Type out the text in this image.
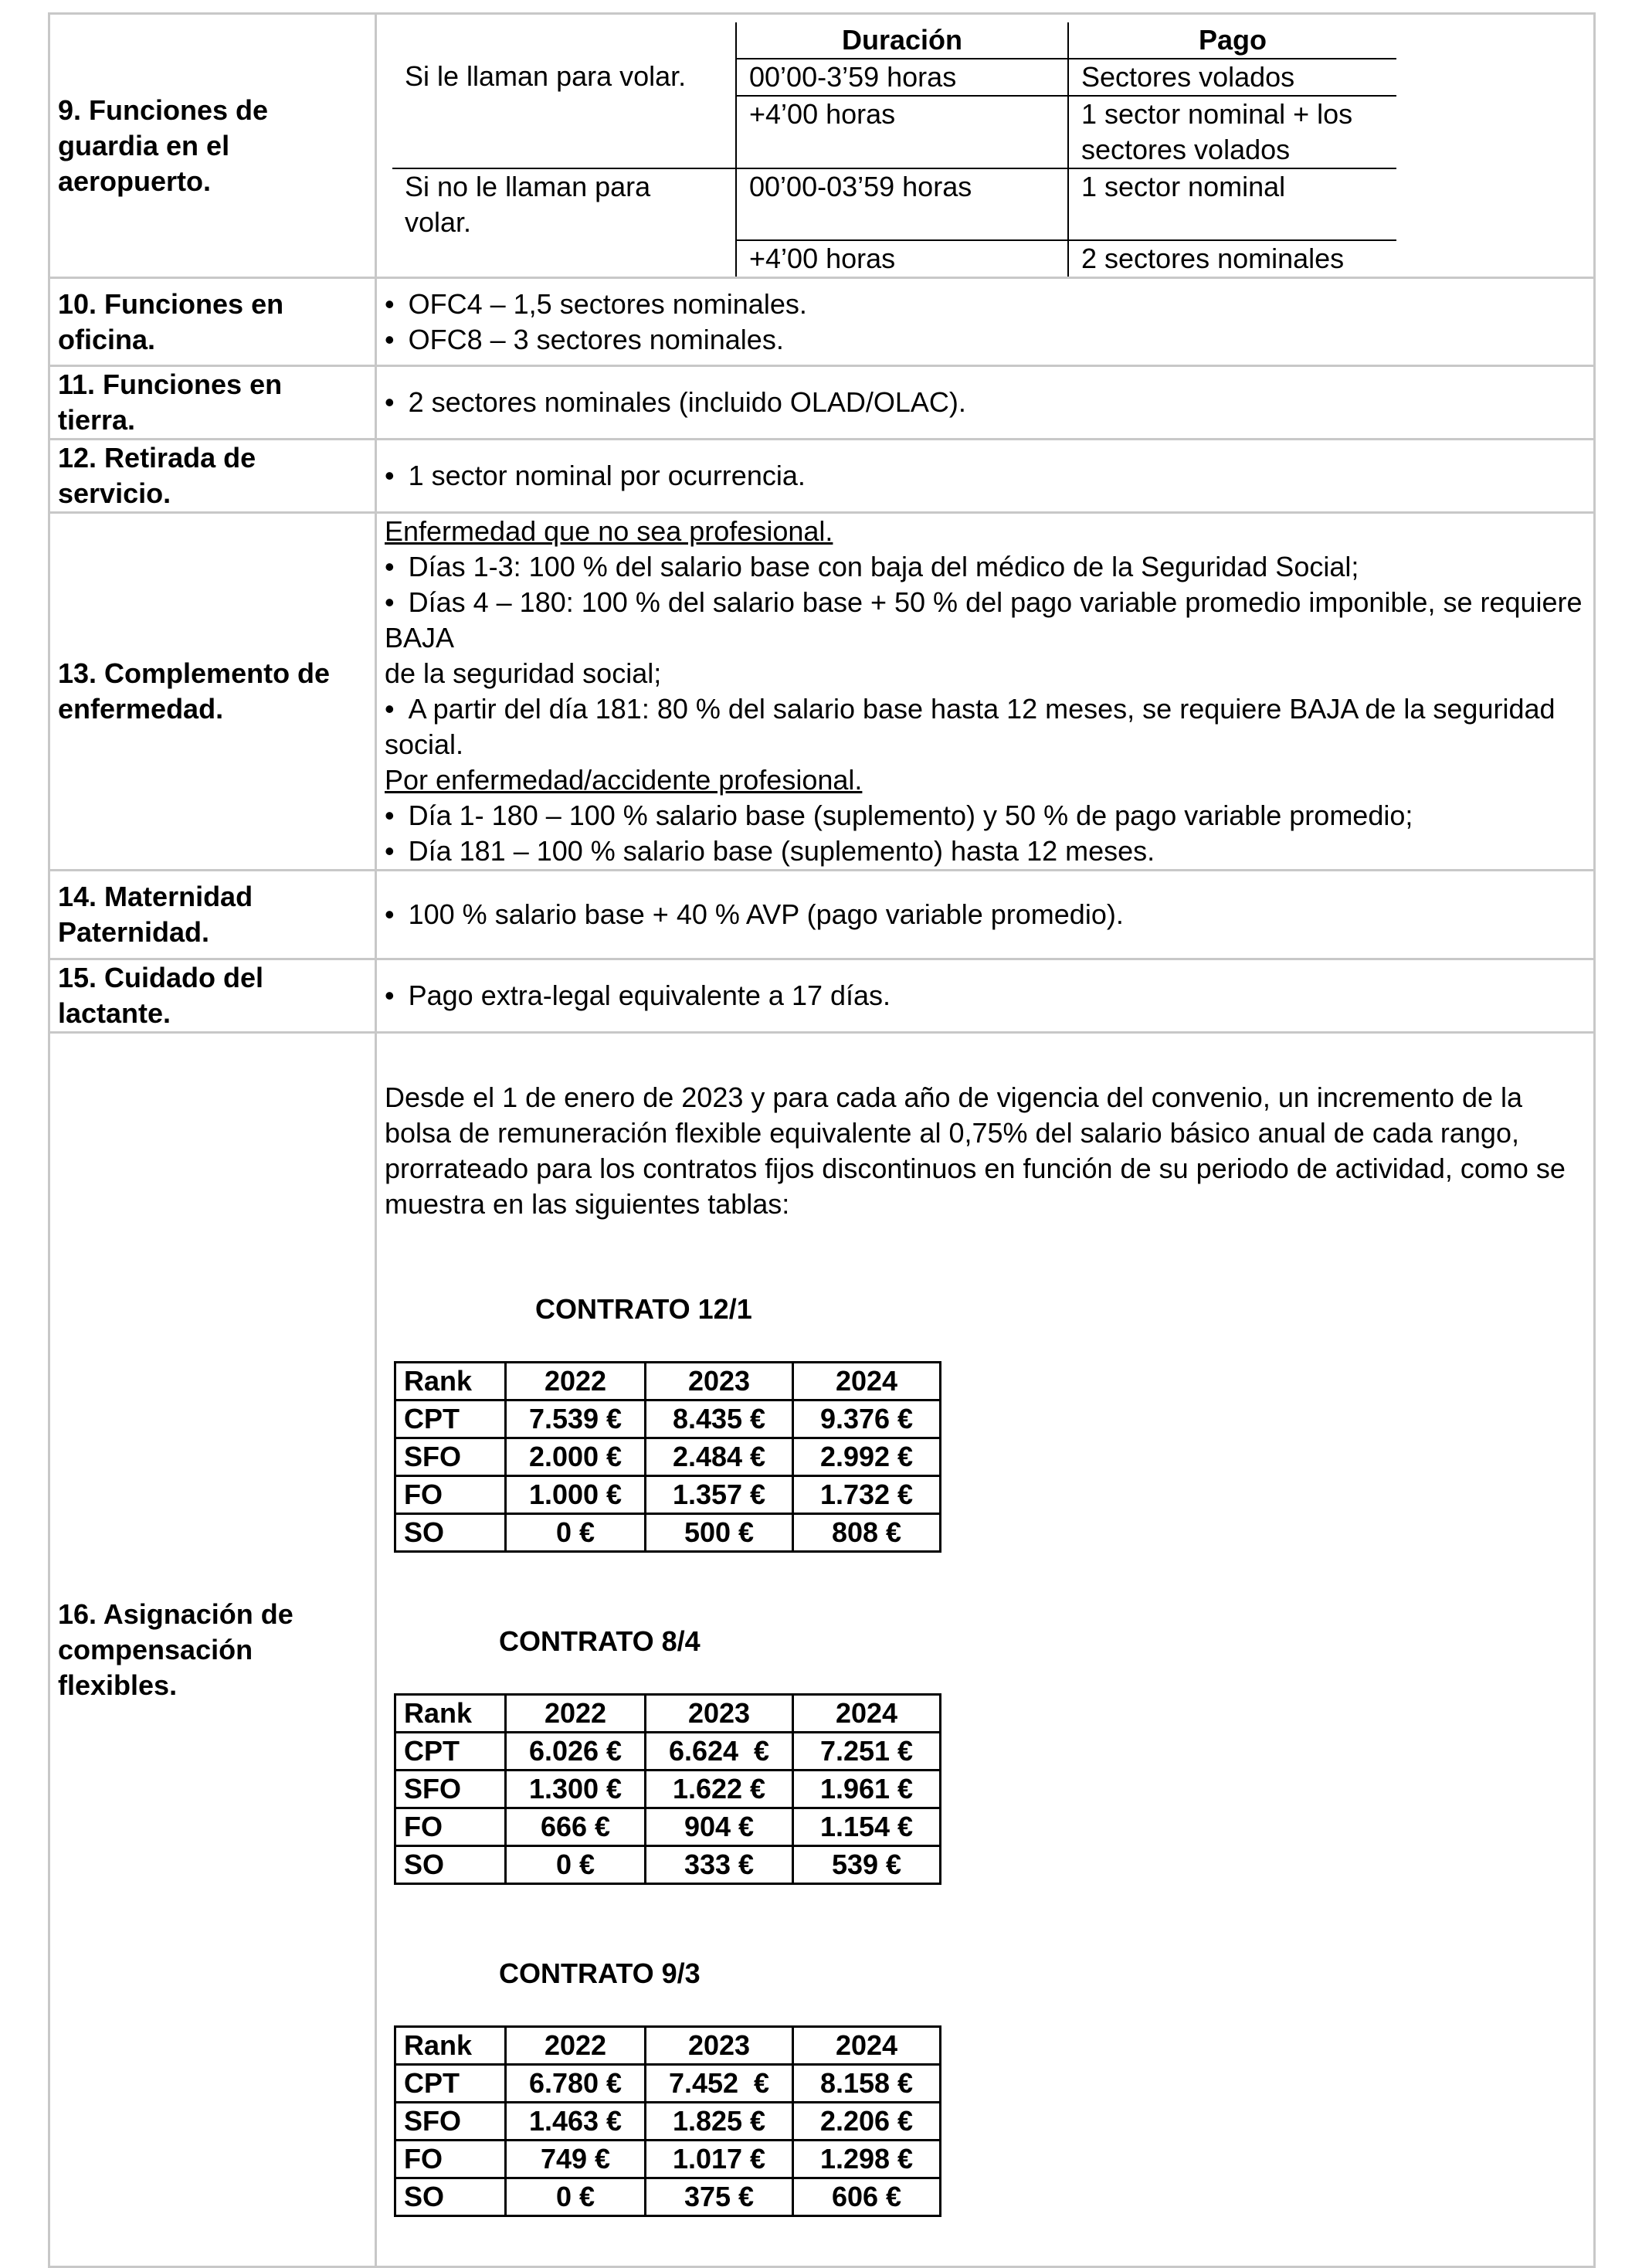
9. Funciones de guardia en el aeropuerto.	
	Duración	Pago
Si le llaman para volar.	00’00-3’59 horas	Sectores volados
	+4’00 horas	1 sector nominal + los
sectores volados

Si no le llaman para volar.	00’00-03’59 horas	1 sector nominal
	+4’00 horas	2 sectores nominales

10. Funciones en oficina.	
• OFC4 – 1,5 sectores nominales.
• OFC8 – 3 sectores nominales.

11. Funciones en tierra.	
• 2 sectores nominales (incluido OLAD/OLAC).

12. Retirada de servicio.	
• 1 sector nominal por ocurrencia.

13. Complemento de enfermedad.	
Enfermedad que no sea profesional.
• Días 1-3: 100 % del salario base con baja del médico de la Seguridad Social;
• Días 4 – 180: 100 % del salario base + 50 % del pago variable promedio imponible, se requiere BAJA
de la seguridad social;
• A partir del día 181: 80 % del salario base hasta 12 meses, se requiere BAJA de la seguridad social.
Por enfermedad/accidente profesional.
• Día 1- 180 – 100 % salario base (suplemento) y 50 % de pago variable promedio;
• Día 181 – 100 % salario base (suplemento) hasta 12 meses.

14. Maternidad Paternidad.	
• 100 % salario base + 40 % AVP (pago variable promedio).

15. Cuidado del lactante.	
• Pago extra-legal equivalente a 17 días.

16. Asignación de compensación flexibles.	
Desde el 1 de enero de 2023 y para cada año de vigencia del convenio, un incremento de la bolsa de remuneración flexible equivalente al 0,75% del salario básico anual de cada rango, prorrateado para los contratos fijos discontinuos en función de su periodo de actividad, como se muestra en las siguientes tablas:
CONTRATO 12/1
Rank	2022	2023	2024
CPT	7.539 €	8.435 €	9.376 €
SFO	2.000 €	2.484 €	2.992 €
FO	1.000 €	1.357 €	1.732 €
SO	0 €	500 €	808 €
CONTRATO 8/4
Rank	2022	2023	2024
CPT	6.026 €	6.624  €	7.251 €
SFO	1.300 €	1.622 €	1.961 €
FO	666 €	904 €	1.154 €
SO	0 €	333 €	539 €
CONTRATO 9/3
Rank	2022	2023	2024
CPT	6.780 €	7.452  €	8.158 €
SFO	1.463 €	1.825 €	2.206 €
FO	749 €	1.017 €	1.298 €
SO	0 €	375 €	606 €
